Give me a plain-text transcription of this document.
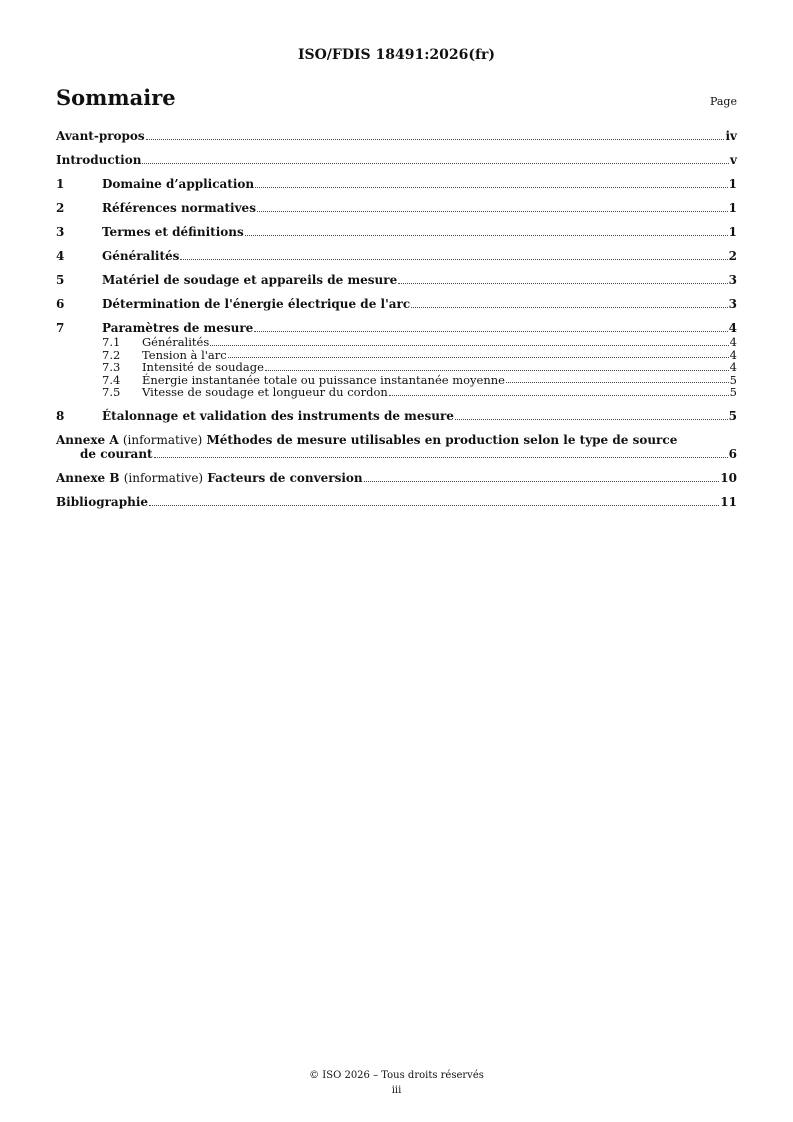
ISO/FDIS 18491:2026(fr)
Sommaire	Page
Avant-propos	iv
Introduction	v
1	Domaine d’application	1
2	Références normatives	1
3	Termes et définitions	1
4	Généralités	2
5	Matériel de soudage et appareils de mesure	3
6	Détermination de l'énergie électrique de l'arc	3
7	Paramètres de mesure	4
7.1	Généralités	4
7.2	Tension à l'arc	4
7.3	Intensité de soudage	4
7.4	Énergie instantanée totale ou puissance instantanée moyenne	5
7.5	Vitesse de soudage et longueur du cordon	5
8	Étalonnage et validation des instruments de mesure	5
Annexe A (informative) Méthodes de mesure utilisables en production selon le type de source
de courant	6
Annexe B (informative) Facteurs de conversion	10
Bibliographie	11
© ISO 2026 – Tous droits réservés
iii
